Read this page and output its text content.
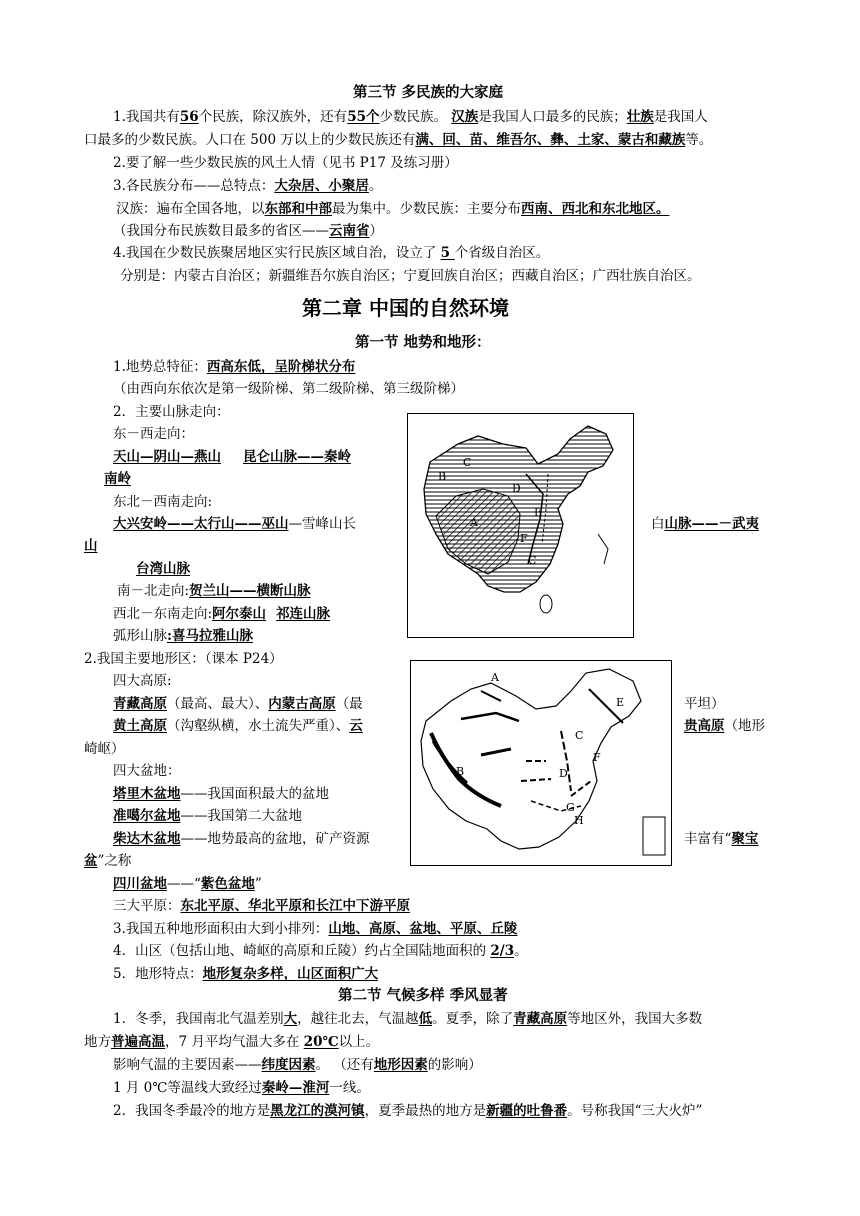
第三节 多民族的大家庭
1.我国共有56个民族，除汉族外，还有55个少数民族。 汉族是我国人口最多的民族；壮族是我国人
口最多的少数民族。人口在 500 万以上的少数民族还有满、回、苗、维吾尔、彝、土家、蒙古和藏族等。
2.要了解一些少数民族的风土人情（见书 P17 及练习册）
3.各民族分布——总特点：大杂居、小聚居。
汉族：遍布全国各地，以东部和中部最为集中。少数民族：主要分布西南、西北和东北地区。
（我国分布民族数目最多的省区——云南省）
4.我国在少数民族聚居地区实行民族区域自治，设立了 5 个省级自治区。
分别是：内蒙古自治区；新疆维吾尔族自治区；宁夏回族自治区；西藏自治区；广西壮族自治区。
第二章 中国的自然环境
第一节 地势和地形：
1.地势总特征：西高东低，呈阶梯状分布
（由西向东依次是第一级阶梯、第二级阶梯、第三级阶梯）
2．主要山脉走向：
东－西走向：
天山—阴山—燕山 昆仑山脉——秦岭
南岭
东北－西南走向:
大兴安岭——太行山——巫山—雪峰山长	白山脉——－武夷
山
台湾山脉
南－北走向:贺兰山——横断山脉
西北－东南走向:阿尔泰山 祁连山脉
弧形山脉:喜马拉雅山脉
2.我国主要地形区：（课本 P24）
四大高原:
青藏高原（最高、最大）、内蒙古高原（最	平坦）
黄土高原（沟壑纵横，水土流失严重）、云	贵高原（地形
崎岖）
四大盆地：
塔里木盆地——我国面积最大的盆地
准噶尔盆地——我国第二大盆地
柴达木盆地——地势最高的盆地，矿产资源	丰富有“聚宝
盆”之称
四川盆地——“紫色盆地”
三大平原：东北平原、华北平原和长江中下游平原
3.我国五种地形面积由大到小排列：山地、高原、盆地、平原、丘陵
4．山区（包括山地、崎岖的高原和丘陵）约占全国陆地面积的 2/3。
5．地形特点：地形复杂多样，山区面积广大
第二节 气候多样 季风显著
1．冬季，我国南北气温差别大，越往北去，气温越低。夏季，除了青藏高原等地区外，我国大多数
地方普遍高温，7 月平均气温大多在 20℃以上。
影响气温的主要因素——纬度因素。 （还有地形因素的影响）
1 月 0℃等温线大致经过秦岭—淮河一线。
2．我国冬季最冷的地方是黑龙江的漠河镇，夏季最热的地方是新疆的吐鲁番。号称我国“三大火炉”
C
B
D
A
E
F
C
A
E
C
B	D
F
G
H
